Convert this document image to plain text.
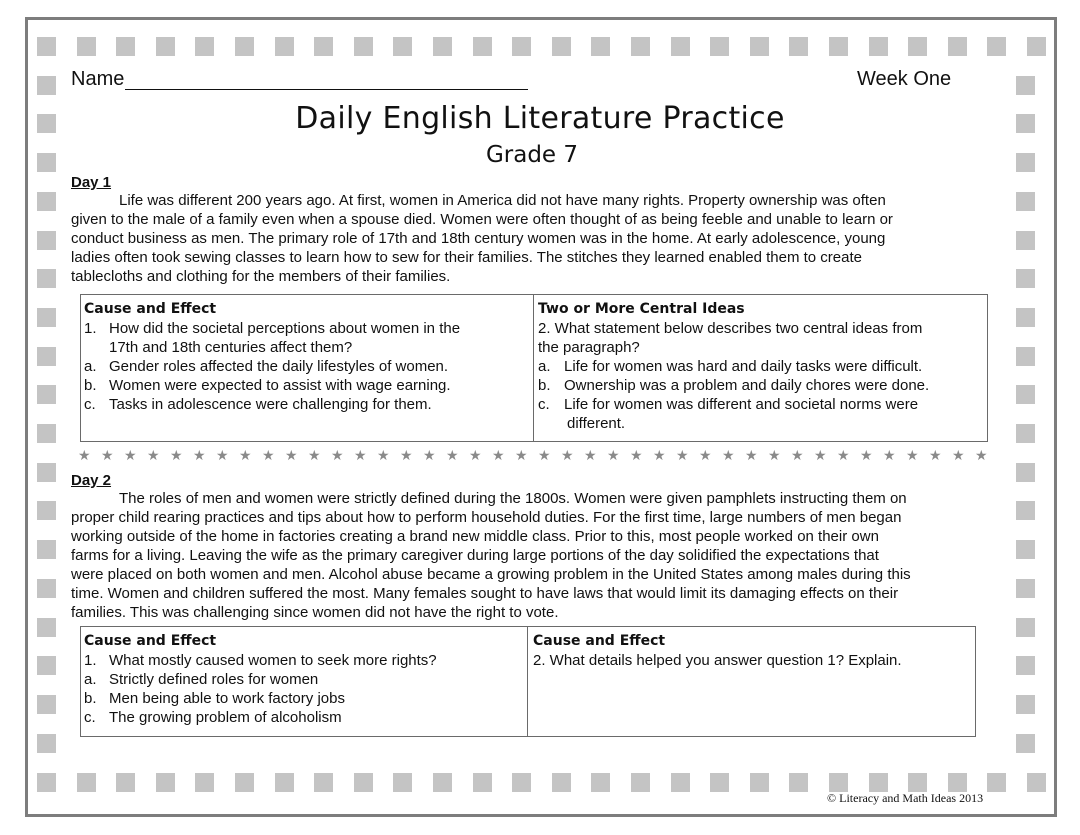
Name	Week One
Daily English Literature Practice
Grade 7
Day 1

Life was different 200 years ago. At first, women in America did not have many rights. Property ownership was often

given to the male of a family even when a spouse died. Women were often thought of as being feeble and unable to learn or

conduct business as men. The primary role of 17th and 18th century women was in the home. At early adolescence, young

ladies often took sewing classes to learn how to sew for their families. The stitches they learned enabled them to create

tablecloths and clothing for the members of their families.

Cause and Effect
1. How did the societal perceptions about women in the
17th and 18th centuries affect them?
a. Gender roles affected the daily lifestyles of women.
b. Women were expected to assist with wage earning.
c. Tasks in adolescence were challenging for them.
Two or More Central Ideas
2. What statement below describes two central ideas from
the paragraph?
a. Life for women was hard and daily tasks were difficult.
b. Ownership was a problem and daily chores were done.
c. Life for women was different and societal norms were
different.
★ ★ ★ ★ ★ ★ ★ ★ ★ ★ ★ ★ ★ ★ ★ ★ ★ ★ ★ ★ ★ ★ ★ ★ ★ ★ ★ ★ ★ ★ ★ ★ ★ ★ ★ ★ ★ ★ ★ ★
Day 2

The roles of men and women were strictly defined during the 1800s. Women were given pamphlets instructing them on

proper child rearing practices and tips about how to perform household duties. For the first time, large numbers of men began

working outside of the home in factories creating a brand new middle class. Prior to this, most people worked on their own

farms for a living. Leaving the wife as the primary caregiver during large portions of the day solidified the expectations that

were placed on both women and men. Alcohol abuse became a growing problem in the United States among males during this

time. Women and children suffered the most. Many females sought to have laws that would limit its damaging effects on their

families. This was challenging since women did not have the right to vote.

Cause and Effect
1. What mostly caused women to seek more rights?
a. Strictly defined roles for women
b. Men being able to work factory jobs
c. The growing problem of alcoholism
Cause and Effect
2. What details helped you answer question 1? Explain.
© Literacy and Math Ideas 2013
